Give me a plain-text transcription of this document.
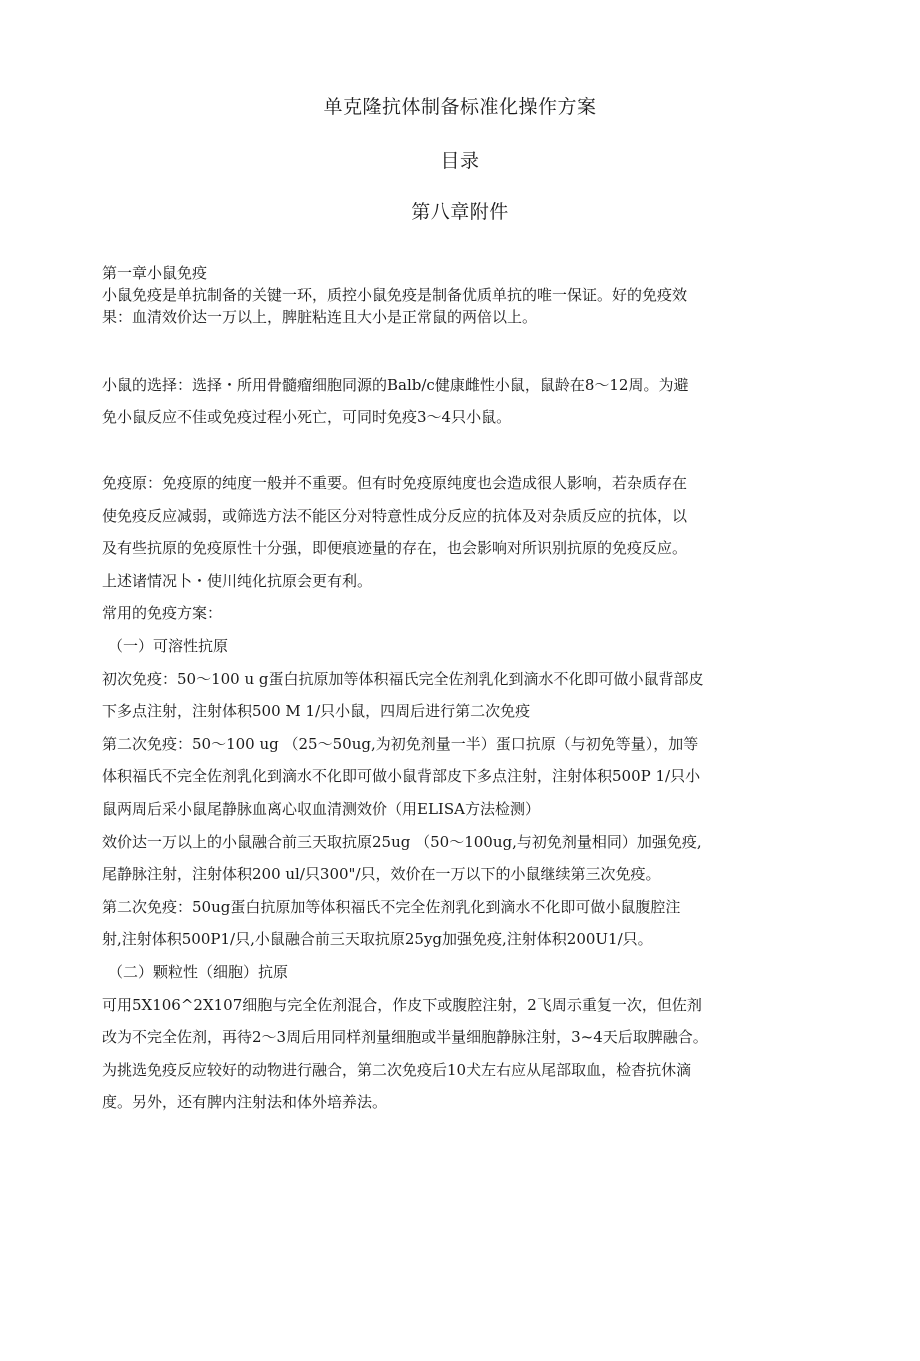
单克隆抗体制备标准化操作方案
目录
第八章附件
第一章小鼠免疫
小鼠免疫是单抗制备的关键一环，质控小鼠免疫是制备优质单抗的唯一保证。好的免疫效
果：血清效价达一万以上，脾脏粘连且大小是正常鼠的两倍以上。
小鼠的选择：选择・所用骨髓瘤细胞同源的Balb/c健康雌性小鼠，鼠龄在8～12周。为避
免小鼠反应不佳或免疫过程小死亡，可同时免疫3～4只小鼠。
免疫原：免疫原的纯度一般并不重要。但有时免疫原纯度也会造成很人影响，若杂质存在
使免疫反应减弱，或筛选方法不能区分对特意性成分反应的抗体及对杂质反应的抗体，以
及有些抗原的免疫原性十分强，即便痕迹量的存在，也会影响对所识别抗原的免疫反应。
上述诸情况卜・使川纯化抗原会更有利。
常用的免疫方案：
（一）可溶性抗原
初次免疫：50～100 u g蛋白抗原加等体积福氏完全佐剂乳化到滴水不化即可做小鼠背部皮
下多点注射，注射体积500 M 1/只小鼠，四周后进行第二次免疫
第二次免疫：50～100 ug （25～50ug,为初免剂量一半）蛋口抗原（与初免等量），加等
体积福氏不完全佐剂乳化到滴水不化即可做小鼠背部皮下多点注射，注射体积500P 1/只小
鼠两周后采小鼠尾静脉血离心収血清测效价（用ELISA方法检测）
效价达一万以上的小鼠融合前三天取抗原25ug （50～100ug,与初免剂量相同）加强免疫,
尾静脉注射，注射体积200 ul/只300"/只，效价在一万以下的小鼠继续第三次免疫。
第二次免疫：50ug蛋白抗原加等体积福氏不完全佐剂乳化到滴水不化即可做小鼠腹腔注
射,注射体积500P1/只,小鼠融合前三天取抗原25yg加强免疫,注射体积200U1/只。
（二）颗粒性（细胞）抗原
可用5X106^2X107细胞与完全佐剂混合，作皮下或腹腔注射，2飞周示重复一次，但佐剂
改为不完全佐剂，再待2～3周后用同样剂量细胞或半量细胞静脉注射，3~4天后取脾融合。
为挑选免疫反应较好的动物进行融合，第二次免疫后10犬左右应从尾部取血，检杳抗休滴
度。另外，还有脾内注射法和体外培养法。
